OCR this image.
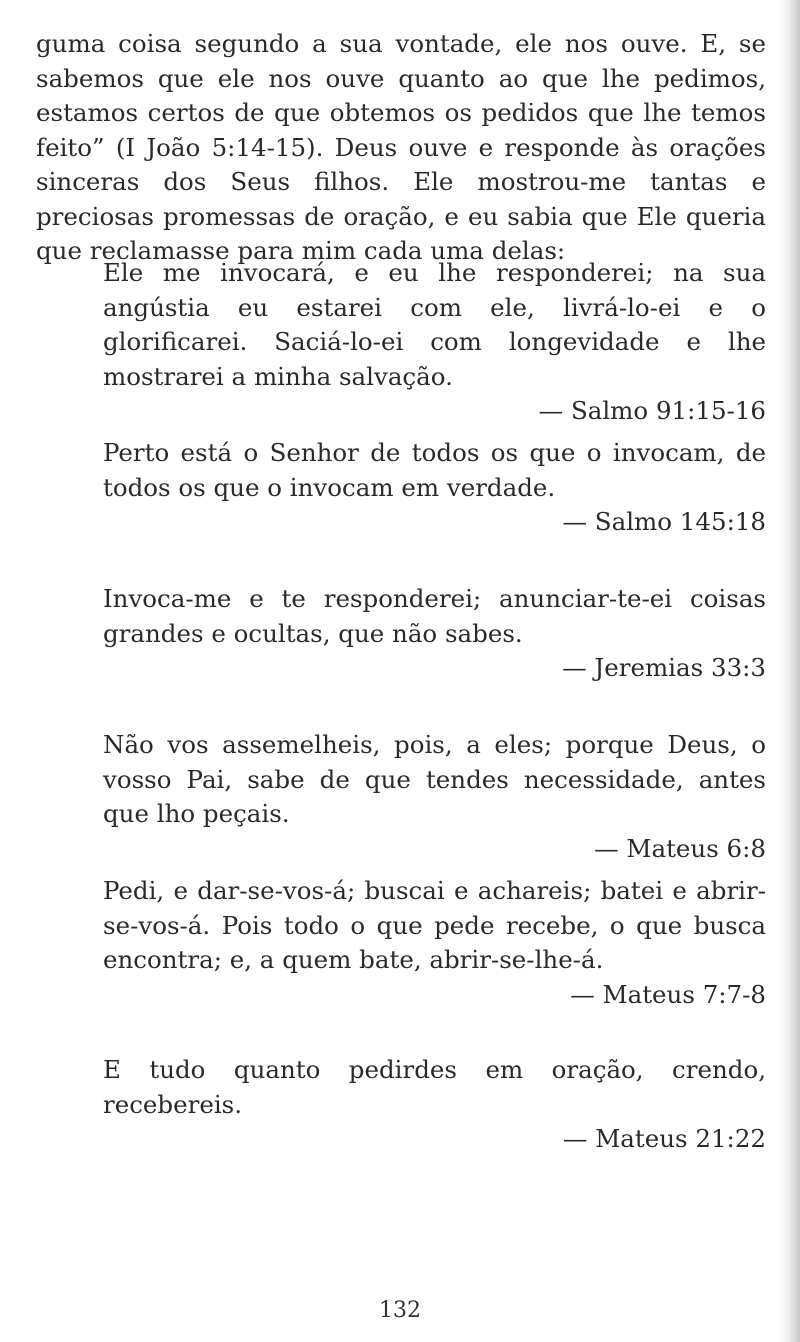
guma coisa segundo a sua vontade, ele nos ouve. E, se sabemos que ele nos ouve quanto ao que lhe pedimos, estamos certos de que obtemos os pedidos que lhe temos feito” (I João 5:14-15). Deus ouve e responde às orações sinceras dos Seus filhos. Ele mostrou-me tantas e preciosas promessas de oração, e eu sabia que Ele queria que reclamasse para mim cada uma delas:

Ele me invocará, e eu lhe responderei; na sua angústia eu estarei com ele, livrá-lo-ei e o glorificarei. Saciá-lo-ei com longevidade e lhe mostrarei a minha salvação.

— Salmo 91:15-16

Perto está o Senhor de todos os que o invocam, de todos os que o invocam em verdade.

— Salmo 145:18

Invoca-me e te responderei; anunciar-te-ei coisas grandes e ocultas, que não sabes.

— Jeremias 33:3

Não vos assemelheis, pois, a eles; porque Deus, o vosso Pai, sabe de que tendes necessidade, antes que lho peçais.

— Mateus 6:8

Pedi, e dar-se-vos-á; buscai e achareis; batei e abrir-se-vos-á. Pois todo o que pede recebe, o que busca encontra; e, a quem bate, abrir-se-lhe-á.

— Mateus 7:7-8

E tudo quanto pedirdes em oração, crendo, recebereis.

— Mateus 21:22

132
